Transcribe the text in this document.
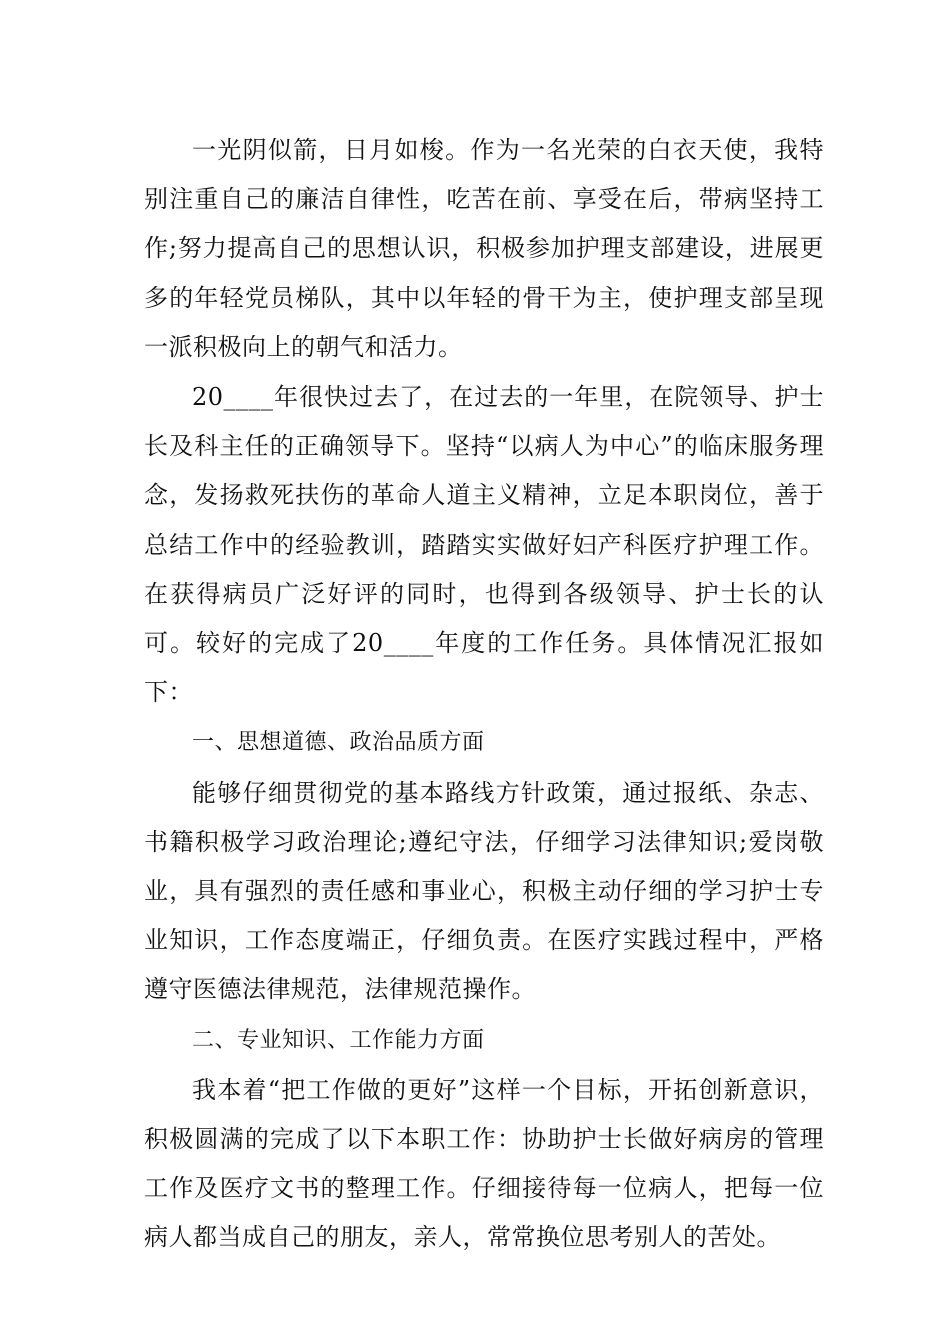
一光阴似箭，日月如梭。作为一名光荣的白衣天使，我特别注重自己的廉洁自律性，吃苦在前、享受在后，带病坚持工作;努力提高自己的思想认识，积极参加护理支部建设，进展更多的年轻党员梯队，其中以年轻的骨干为主，使护理支部呈现一派积极向上的朝气和活力。

20____年很快过去了，在过去的一年里，在院领导、护士长及科主任的正确领导下。坚持“以病人为中心”的临床服务理念，发扬救死扶伤的革命人道主义精神，立足本职岗位，善于总结工作中的经验教训，踏踏实实做好妇产科医疗护理工作。在获得病员广泛好评的同时，也得到各级领导、护士长的认可。较好的完成了20____年度的工作任务。具体情况汇报如下：

一、思想道德、政治品质方面

能够仔细贯彻党的基本路线方针政策，通过报纸、杂志、书籍积极学习政治理论;遵纪守法，仔细学习法律知识;爱岗敬业，具有强烈的责任感和事业心，积极主动仔细的学习护士专业知识，工作态度端正，仔细负责。在医疗实践过程中，严格遵守医德法律规范，法律规范操作。

二、专业知识、工作能力方面

我本着“把工作做的更好”这样一个目标，开拓创新意识，积极圆满的完成了以下本职工作：协助护士长做好病房的管理工作及医疗文书的整理工作。仔细接待每一位病人，把每一位病人都当成自己的朋友，亲人，常常换位思考别人的苦处。
